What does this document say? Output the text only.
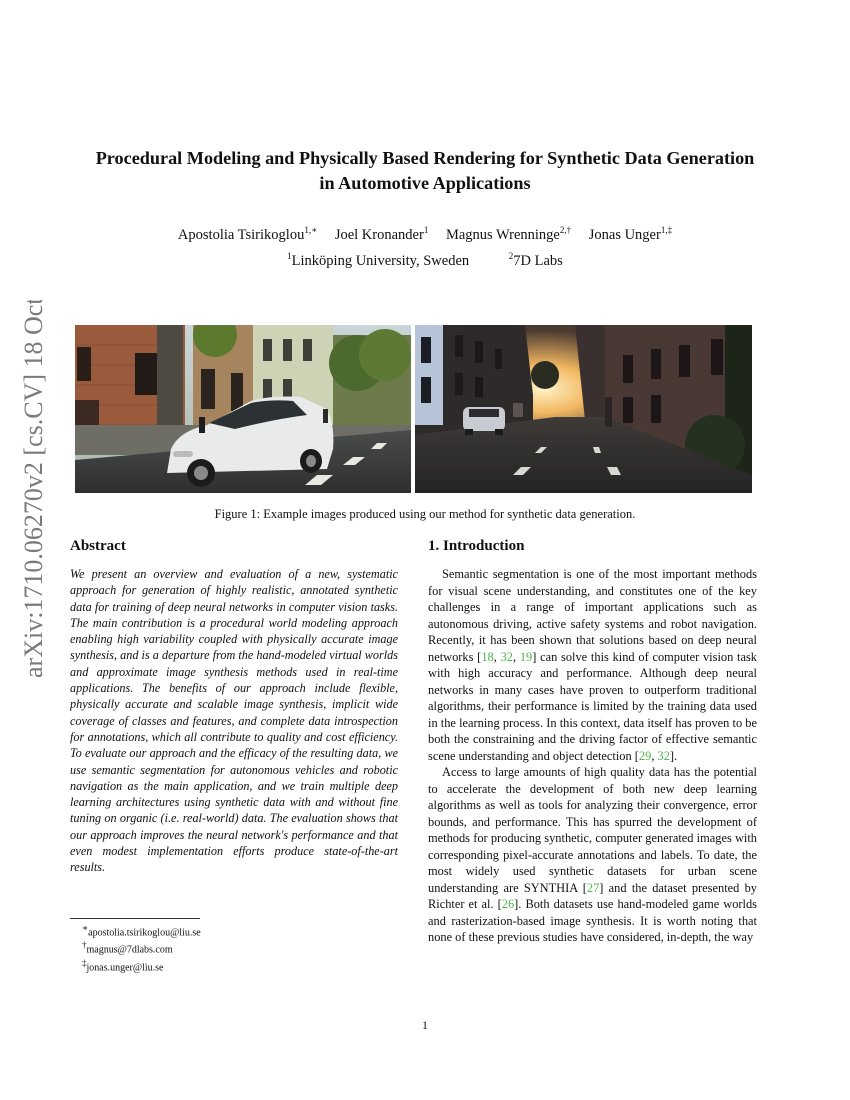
arXiv:1710.06270v2 [cs.CV] 18 Oct 2017
Procedural Modeling and Physically Based Rendering for Synthetic Data Generation in Automotive Applications
Apostolia Tsirikoglou$^{1,∗}$ Joel Kronander$^1$ Magnus Wrenninge$^{2,\dagger}$ Jonas Unger$^{1,\ddagger}$
$^1$Linköping University, Sweden	$^2$7D Labs
Figure 1: Example images produced using our method for synthetic data generation.
Abstract

We present an overview and evaluation of a new, systematic approach for generation of highly realistic, annotated synthetic data for training of deep neural networks in computer vision tasks. The main contribution is a procedural world modeling approach enabling high variability coupled with physically accurate image synthesis, and is a departure from the hand-modeled virtual worlds and approximate image synthesis methods used in real-time applications. The benefits of our approach include flexible, physically accurate and scalable image synthesis, implicit wide coverage of classes and features, and complete data introspection for annotations, which all contribute to quality and cost efficiency. To evaluate our approach and the efficacy of the resulting data, we use semantic segmentation for autonomous vehicles and robotic navigation as the main application, and we train multiple deep learning architectures using synthetic data with and without fine tuning on organic (i.e. real-world) data. The evaluation shows that our approach improves the neural network's performance and that even modest implementation efforts produce state-of-the-art results.

1. Introduction

Semantic segmentation is one of the most important methods for visual scene understanding, and constitutes one of the key challenges in a range of important applications such as autonomous driving, active safety systems and robot navigation. Recently, it has been shown that solutions based on deep neural networks [18, 32, 19] can solve this kind of computer vision task with high accuracy and performance. Although deep neural networks in many cases have proven to outperform traditional algorithms, their performance is limited by the training data used in the learning process. In this context, data itself has proven to be both the constraining and the driving factor of effective semantic scene understanding and object detection [29, 32].

Access to large amounts of high quality data has the potential to accelerate the development of both new deep learning algorithms as well as tools for analyzing their convergence, error bounds, and performance. This has spurred the development of methods for producing synthetic, computer generated images with corresponding pixel-accurate annotations and labels. To date, the most widely used synthetic datasets for urban scene understanding are SYNTHIA [27] and the dataset presented by Richter et al. [26]. Both datasets use hand-modeled game worlds and rasterization-based image synthesis. It is worth noting that none of these previous studies have considered, in-depth, the way

∗apostolia.tsirikoglou@liu.se
†magnus@7dlabs.com
‡jonas.unger@liu.se
1
